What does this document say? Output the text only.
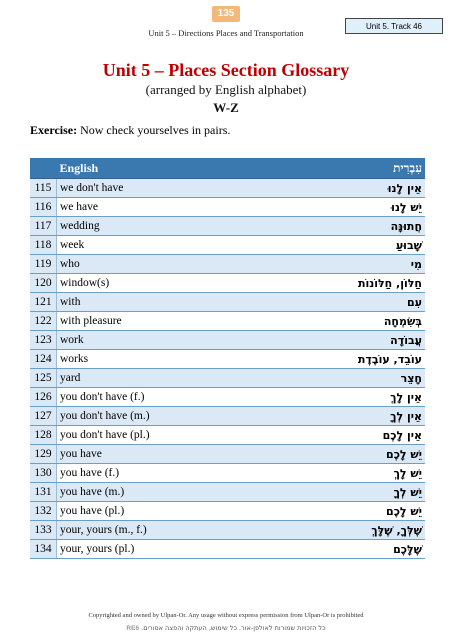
135
Unit 5. Track 46
Unit 5 – Directions Places and Transportation
Unit 5 – Places Section Glossary
(arranged by English alphabet)
W-Z
Exercise: Now check yourselves in pairs.
	English	עִבְרִית
115	we don't have	אֵין לָנוּ
116	we have	יֵשׁ לָנוּ
117	wedding	חֲתוּנָּה
118	week	שָׁבוּעַ
119	who	מִי
120	window(s)	חַלּוֹן, חַלּוֹנוֹת
121	with	עִם
122	with pleasure	בְּשִׂמְחָה
123	work	עֲבוֹדָה
124	works	עוֹבֵד, עוֹבֶדֶת
125	yard	חָצֵר
126	you don't have (f.)	אֵין לָךְ
127	you don't have (m.)	אֵין לְךָ
128	you don't have (pl.)	אֵין לָכֶם
129	you have	יֵשׁ לָכֶם
130	you have (f.)	יֵשׁ לָךְ
131	you have (m.)	יֵשׁ לְךָ
132	you have (pl.)	יֵשׁ לָכֶם
133	your, yours (m., f.)	שֶׁלְּךָ, שֶׁלָּךְ
134	your, yours (pl.)	שֶׁלָּכֶם
Copyrighted and owned by Ulpan-Or. Any usage without express permission from Ulpan-Or is prohibited
כל הזכויות שמורות לאולפן-אור. כל שימוש, העתקה והפצה אסורים. RE6
